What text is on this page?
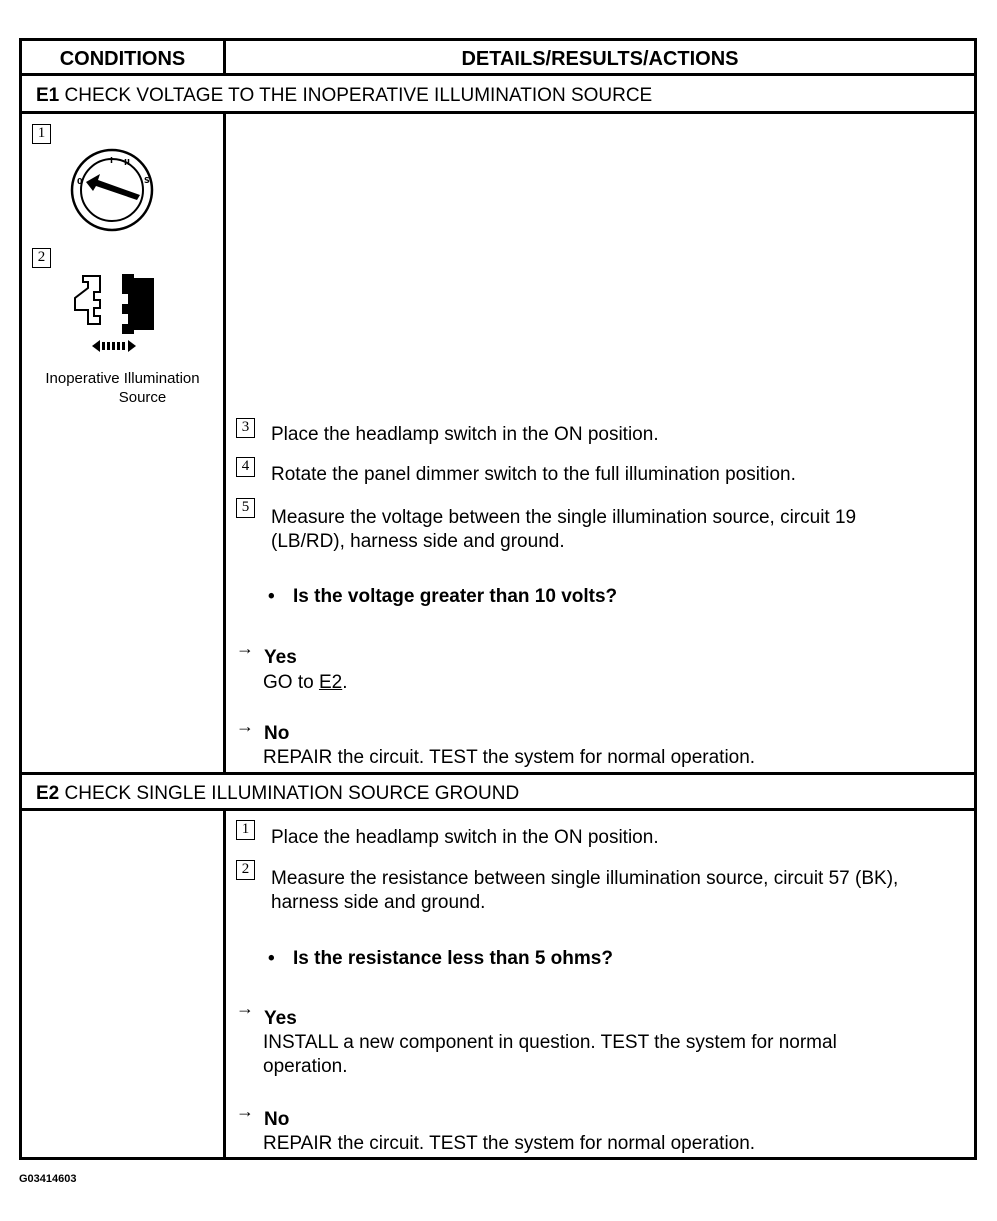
CONDITIONS	DETAILS/RESULTS/ACTIONS
E1 CHECK VOLTAGE TO THE INOPERATIVE ILLUMINATION SOURCE
1
0
I II
S
2
Inoperative Illumination
Source
3	Place the headlamp switch in the ON position.
4	Rotate the panel dimmer switch to the full illumination position.
5	Measure the voltage between the single illumination source, circuit 19
(LB/RD), harness side and ground.
• Is the voltage greater than 10 volts?
→ Yes
GO to E2.
→ No
REPAIR the circuit. TEST the system for normal operation.
E2 CHECK SINGLE ILLUMINATION SOURCE GROUND
1	Place the headlamp switch in the ON position.
2	Measure the resistance between single illumination source, circuit 57 (BK),
harness side and ground.
• Is the resistance less than 5 ohms?
→ Yes
INSTALL a new component in question. TEST the system for normal
operation.
→ No
REPAIR the circuit. TEST the system for normal operation.
G03414603
